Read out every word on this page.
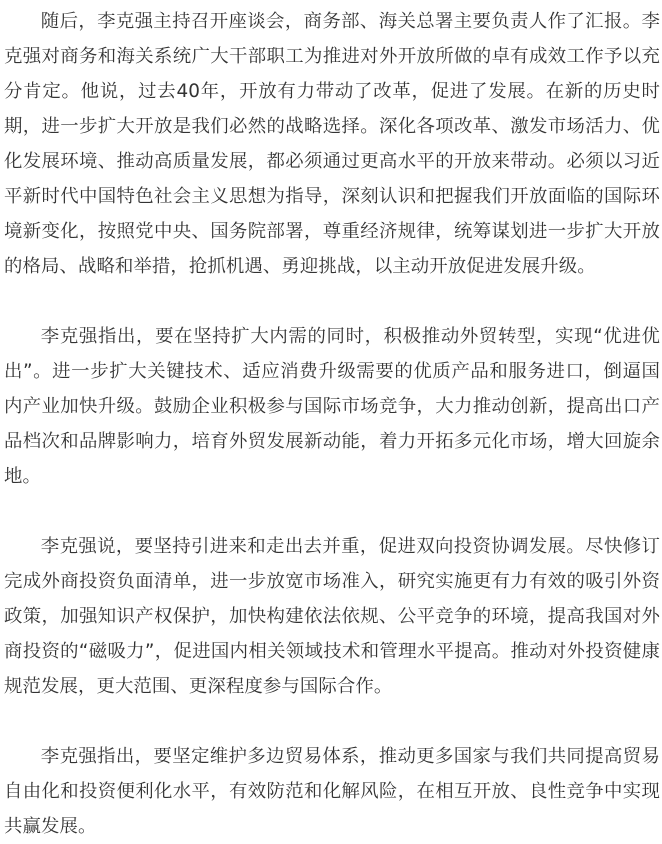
随后，李克强主持召开座谈会，商务部、海关总署主要负责人作了汇报。李克强对商务和海关系统广大干部职工为推进对外开放所做的卓有成效工作予以充分肯定。他说，过去40年，开放有力带动了改革，促进了发展。在新的历史时期，进一步扩大开放是我们必然的战略选择。深化各项改革、激发市场活力、优化发展环境、推动高质量发展，都必须通过更高水平的开放来带动。必须以习近平新时代中国特色社会主义思想为指导，深刻认识和把握我们开放面临的国际环境新变化，按照党中央、国务院部署，尊重经济规律，统筹谋划进一步扩大开放的格局、战略和举措，抢抓机遇、勇迎挑战，以主动开放促进发展升级。

李克强指出，要在坚持扩大内需的同时，积极推动外贸转型，实现“优进优出”。进一步扩大关键技术、适应消费升级需要的优质产品和服务进口，倒逼国内产业加快升级。鼓励企业积极参与国际市场竞争，大力推动创新，提高出口产品档次和品牌影响力，培育外贸发展新动能，着力开拓多元化市场，增大回旋余地。

李克强说，要坚持引进来和走出去并重，促进双向投资协调发展。尽快修订完成外商投资负面清单，进一步放宽市场准入，研究实施更有力有效的吸引外资政策，加强知识产权保护，加快构建依法依规、公平竞争的环境，提高我国对外商投资的“磁吸力”，促进国内相关领域技术和管理水平提高。推动对外投资健康规范发展，更大范围、更深程度参与国际合作。

李克强指出，要坚定维护多边贸易体系，推动更多国家与我们共同提高贸易自由化和投资便利化水平，有效防范和化解风险，在相互开放、良性竞争中实现共赢发展。
